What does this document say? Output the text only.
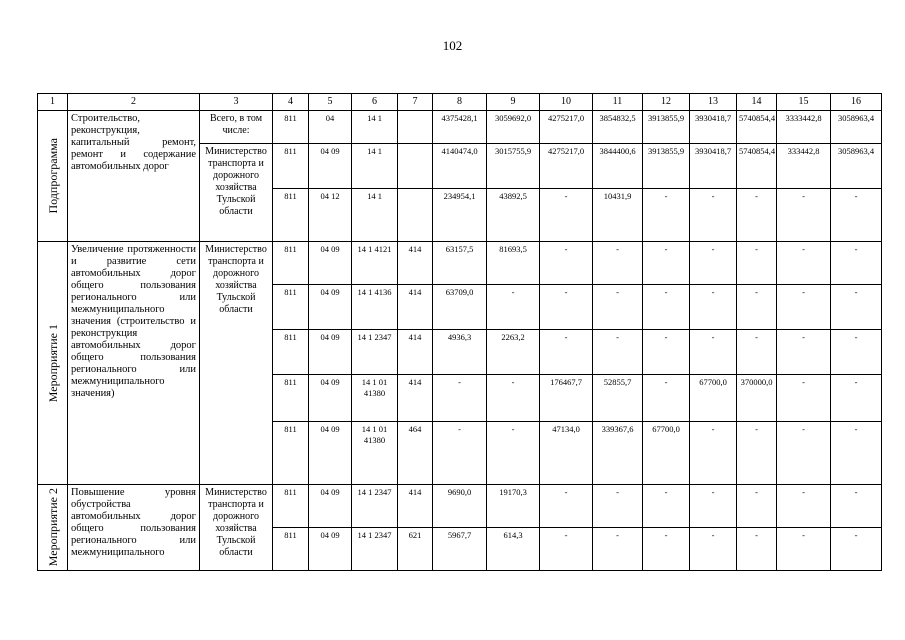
102
1	2	3	4	5	6	7	8	9	10	11	12	13	14	15	16

Подпрограмма	Строительство, реконструкция, капитальный ремонт, ремонт и содержание автомобильных дорог	Всего, в том числе:	811	04	14 1		4375428,1	3059692,0	4275217,0	3854832,5	3913855,9	3930418,7	5740854,4	3333442,8	3058963,4
		Министерство транспорта и дорожного хозяйства Тульской области	811	04 09	14 1		4140474,0	3015755,9	4275217,0	3844400,6	3913855,9	3930418,7	5740854,4	333442,8	3058963,4
			811	04 12	14 1		234954,1	43892,5	-	10431,9	-	-	-	-	-

Мероприятие 1	Увеличение протяженности и развитие сети автомобильных дорог общего пользования регионального или межмуниципального значения (строительство и реконструкция автомобильных дорог общего пользования регионального или межмуниципального значения)	Министерство транспорта и дорожного хозяйства Тульской области	811	04 09	14 1 4121	414	63157,5	81693,5	-	-	-	-	-	-	-
			811	04 09	14 1 4136	414	63709,0	-	-	-	-	-	-	-	-
			811	04 09	14 1 2347	414	4936,3	2263,2	-	-	-	-	-	-	-
			811	04 09	14 1 01 41380	414	-	-	176467,7	52855,7	-	67700,0	370000,0	-	-
			811	04 09	14 1 01 41380	464	-	-	47134,0	339367,6	67700,0	-	-	-	-

Мероприятие 2	Повышение уровня обустройства автомобильных дорог общего пользования регионального или межмуниципального	Министерство транспорта и дорожного хозяйства Тульской области	811	04 09	14 1 2347	414	9690,0	19170,3	-	-	-	-	-	-	-
			811	04 09	14 1 2347	621	5967,7	614,3	-	-	-	-	-	-	-
